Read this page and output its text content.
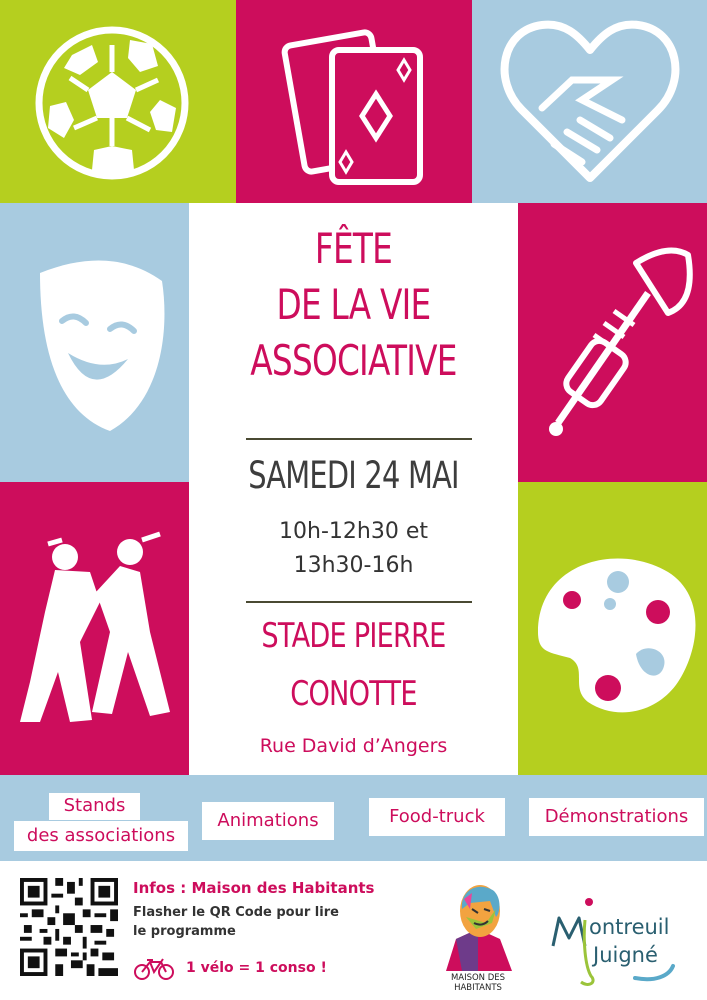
FÊTE
DE LA VIE
ASSOCIATIVE
SAMEDI 24 MAI
10h-12h30 et
13h30-16h
STADE PIERRE
CONOTTE
Rue David d’Angers
Stands
des associations
Animations	Food-truck	Démonstrations
Infos : Maison des Habitants
Flasher le QR Code pour lire
le programme
1 vélo = 1 conso !
MAISON DES
HABITANTS
ontreuil
Juigné
